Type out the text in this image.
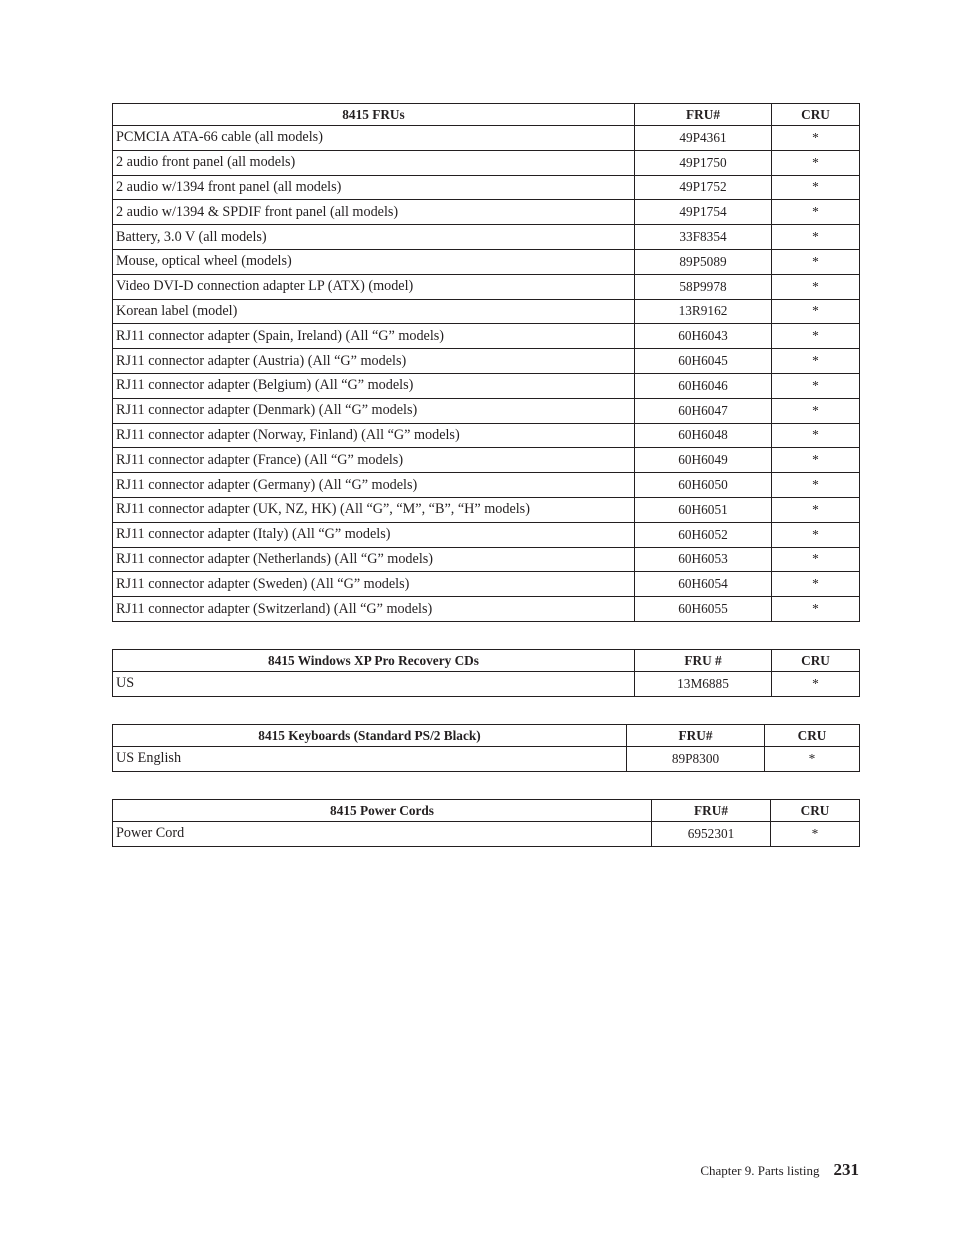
8415 FRUs	FRU#	CRU
PCMCIA ATA-66 cable (all models)	49P4361	*
2 audio front panel (all models)	49P1750	*
2 audio w/1394 front panel (all models)	49P1752	*
2 audio w/1394 & SPDIF front panel (all models)	49P1754	*
Battery, 3.0 V (all models)	33F8354	*
Mouse, optical wheel (models)	89P5089	*
Video DVI-D connection adapter LP (ATX) (model)	58P9978	*
Korean label (model)	13R9162	*
RJ11 connector adapter (Spain, Ireland) (All “G” models)	60H6043	*
RJ11 connector adapter (Austria) (All “G” models)	60H6045	*
RJ11 connector adapter (Belgium) (All “G” models)	60H6046	*
RJ11 connector adapter (Denmark) (All “G” models)	60H6047	*
RJ11 connector adapter (Norway, Finland) (All “G” models)	60H6048	*
RJ11 connector adapter (France) (All “G” models)	60H6049	*
RJ11 connector adapter (Germany) (All “G” models)	60H6050	*
RJ11 connector adapter (UK, NZ, HK) (All “G”, “M”, “B”, “H” models)	60H6051	*
RJ11 connector adapter (Italy) (All “G” models)	60H6052	*
RJ11 connector adapter (Netherlands) (All “G” models)	60H6053	*
RJ11 connector adapter (Sweden) (All “G” models)	60H6054	*
RJ11 connector adapter (Switzerland) (All “G” models)	60H6055	*
8415 Windows XP Pro Recovery CDs	FRU #	CRU
US	13M6885	*
8415 Keyboards (Standard PS/2 Black)	FRU#	CRU
US English	89P8300	*
8415 Power Cords	FRU#	CRU
Power Cord	6952301	*
Chapter 9. Parts listing 231
